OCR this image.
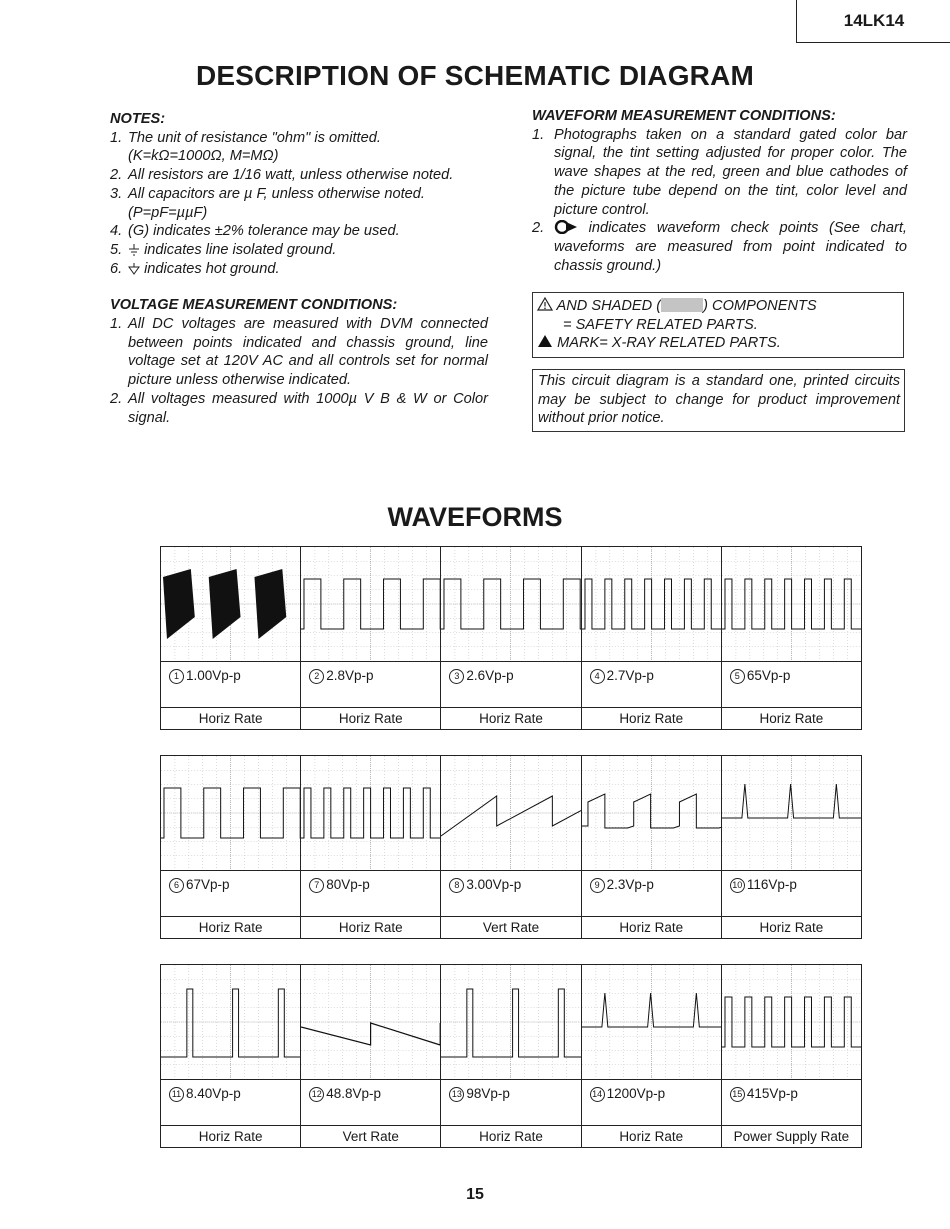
14LK14
DESCRIPTION OF SCHEMATIC DIAGRAM
NOTES:
1. The unit of resistance "ohm" is omitted.
(K=kΩ=1000Ω, M=MΩ)
2. All resistors are 1/16 watt, unless otherwise noted.
3. All capacitors are µ F, unless otherwise noted.
(P=pF=µµF)
4. (G) indicates ±2% tolerance may be used.
5. indicates line isolated ground.
6. indicates hot ground.
VOLTAGE MEASUREMENT CONDITIONS:
1. All DC voltages are measured with DVM connected between points indicated and chassis ground, line voltage set at 120V AC and all controls set for normal picture unless otherwise indicated.
2. All voltages measured with 1000µ V B & W or Color signal.
WAVEFORM MEASUREMENT CONDITIONS:
1. Photographs taken on a standard gated color bar signal, the tint setting adjusted for proper color. The wave shapes at the red, green and blue cathodes of the picture tube depend on the tint, color level and picture control.
2.	indicates waveform check points (See chart, waveforms are measured from point indicated to chassis ground.)
AND SHADED (	) COMPONENTS
= SAFETY RELATED PARTS.
MARK= X-RAY RELATED PARTS.
This circuit diagram is a standard one, printed circuits may be subject to change for product improvement without prior notice.
WAVEFORMS
1 1.00Vp-p
Horiz Rate
2 2.8Vp-p
Horiz Rate
3 2.6Vp-p
Horiz Rate
4 2.7Vp-p
Horiz Rate
5 65Vp-p
Horiz Rate
6 67Vp-p
Horiz Rate
7 80Vp-p
Horiz Rate
8 3.00Vp-p
Vert Rate
9 2.3Vp-p
Horiz Rate
10 116Vp-p
Horiz Rate
11 8.40Vp-p
Horiz Rate
12 48.8Vp-p
Vert Rate
13 98Vp-p
Horiz Rate
14 1200Vp-p
Horiz Rate
15 415Vp-p
Power Supply Rate
15
